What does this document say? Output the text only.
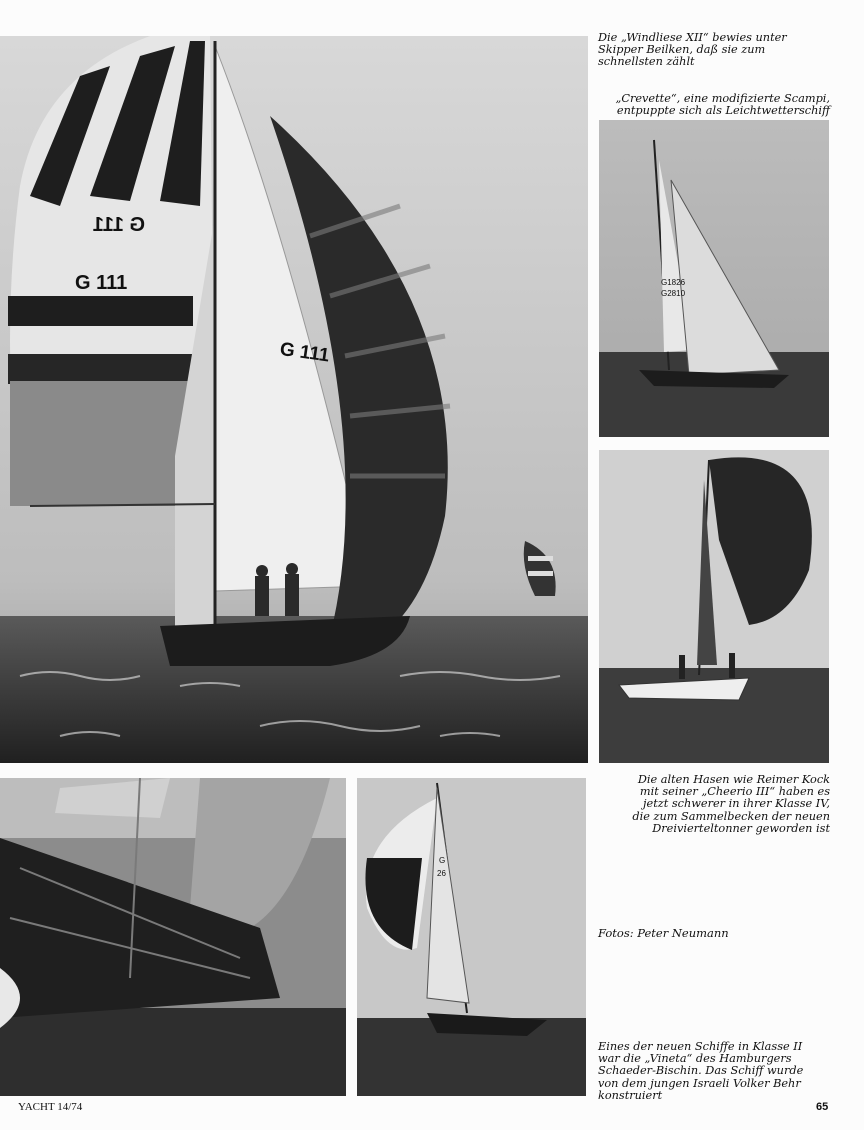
G 111
G 111
G 111
Die „Windliese XII“ bewies unter
Skipper Beilken, daß sie zum
schnellsten zählt
„Crevette“, eine modifizierte Scampi,
entpuppte sich als Leichtwetterschiff
G1826
G2810
Die alten Hasen wie Reimer Kock
mit seiner „Cheerio III“ haben es
jetzt schwerer in ihrer Klasse IV,
die zum Sammelbecken der neuen
Dreivierteltonner geworden ist
G
26
Fotos: Peter Neumann
Eines der neuen Schiffe in Klasse II
war die „Vineta“ des Hamburgers
Schaeder-Bischin. Das Schiff wurde
von dem jungen Israeli Volker Behr
konstruiert
YACHT 14/74	65
